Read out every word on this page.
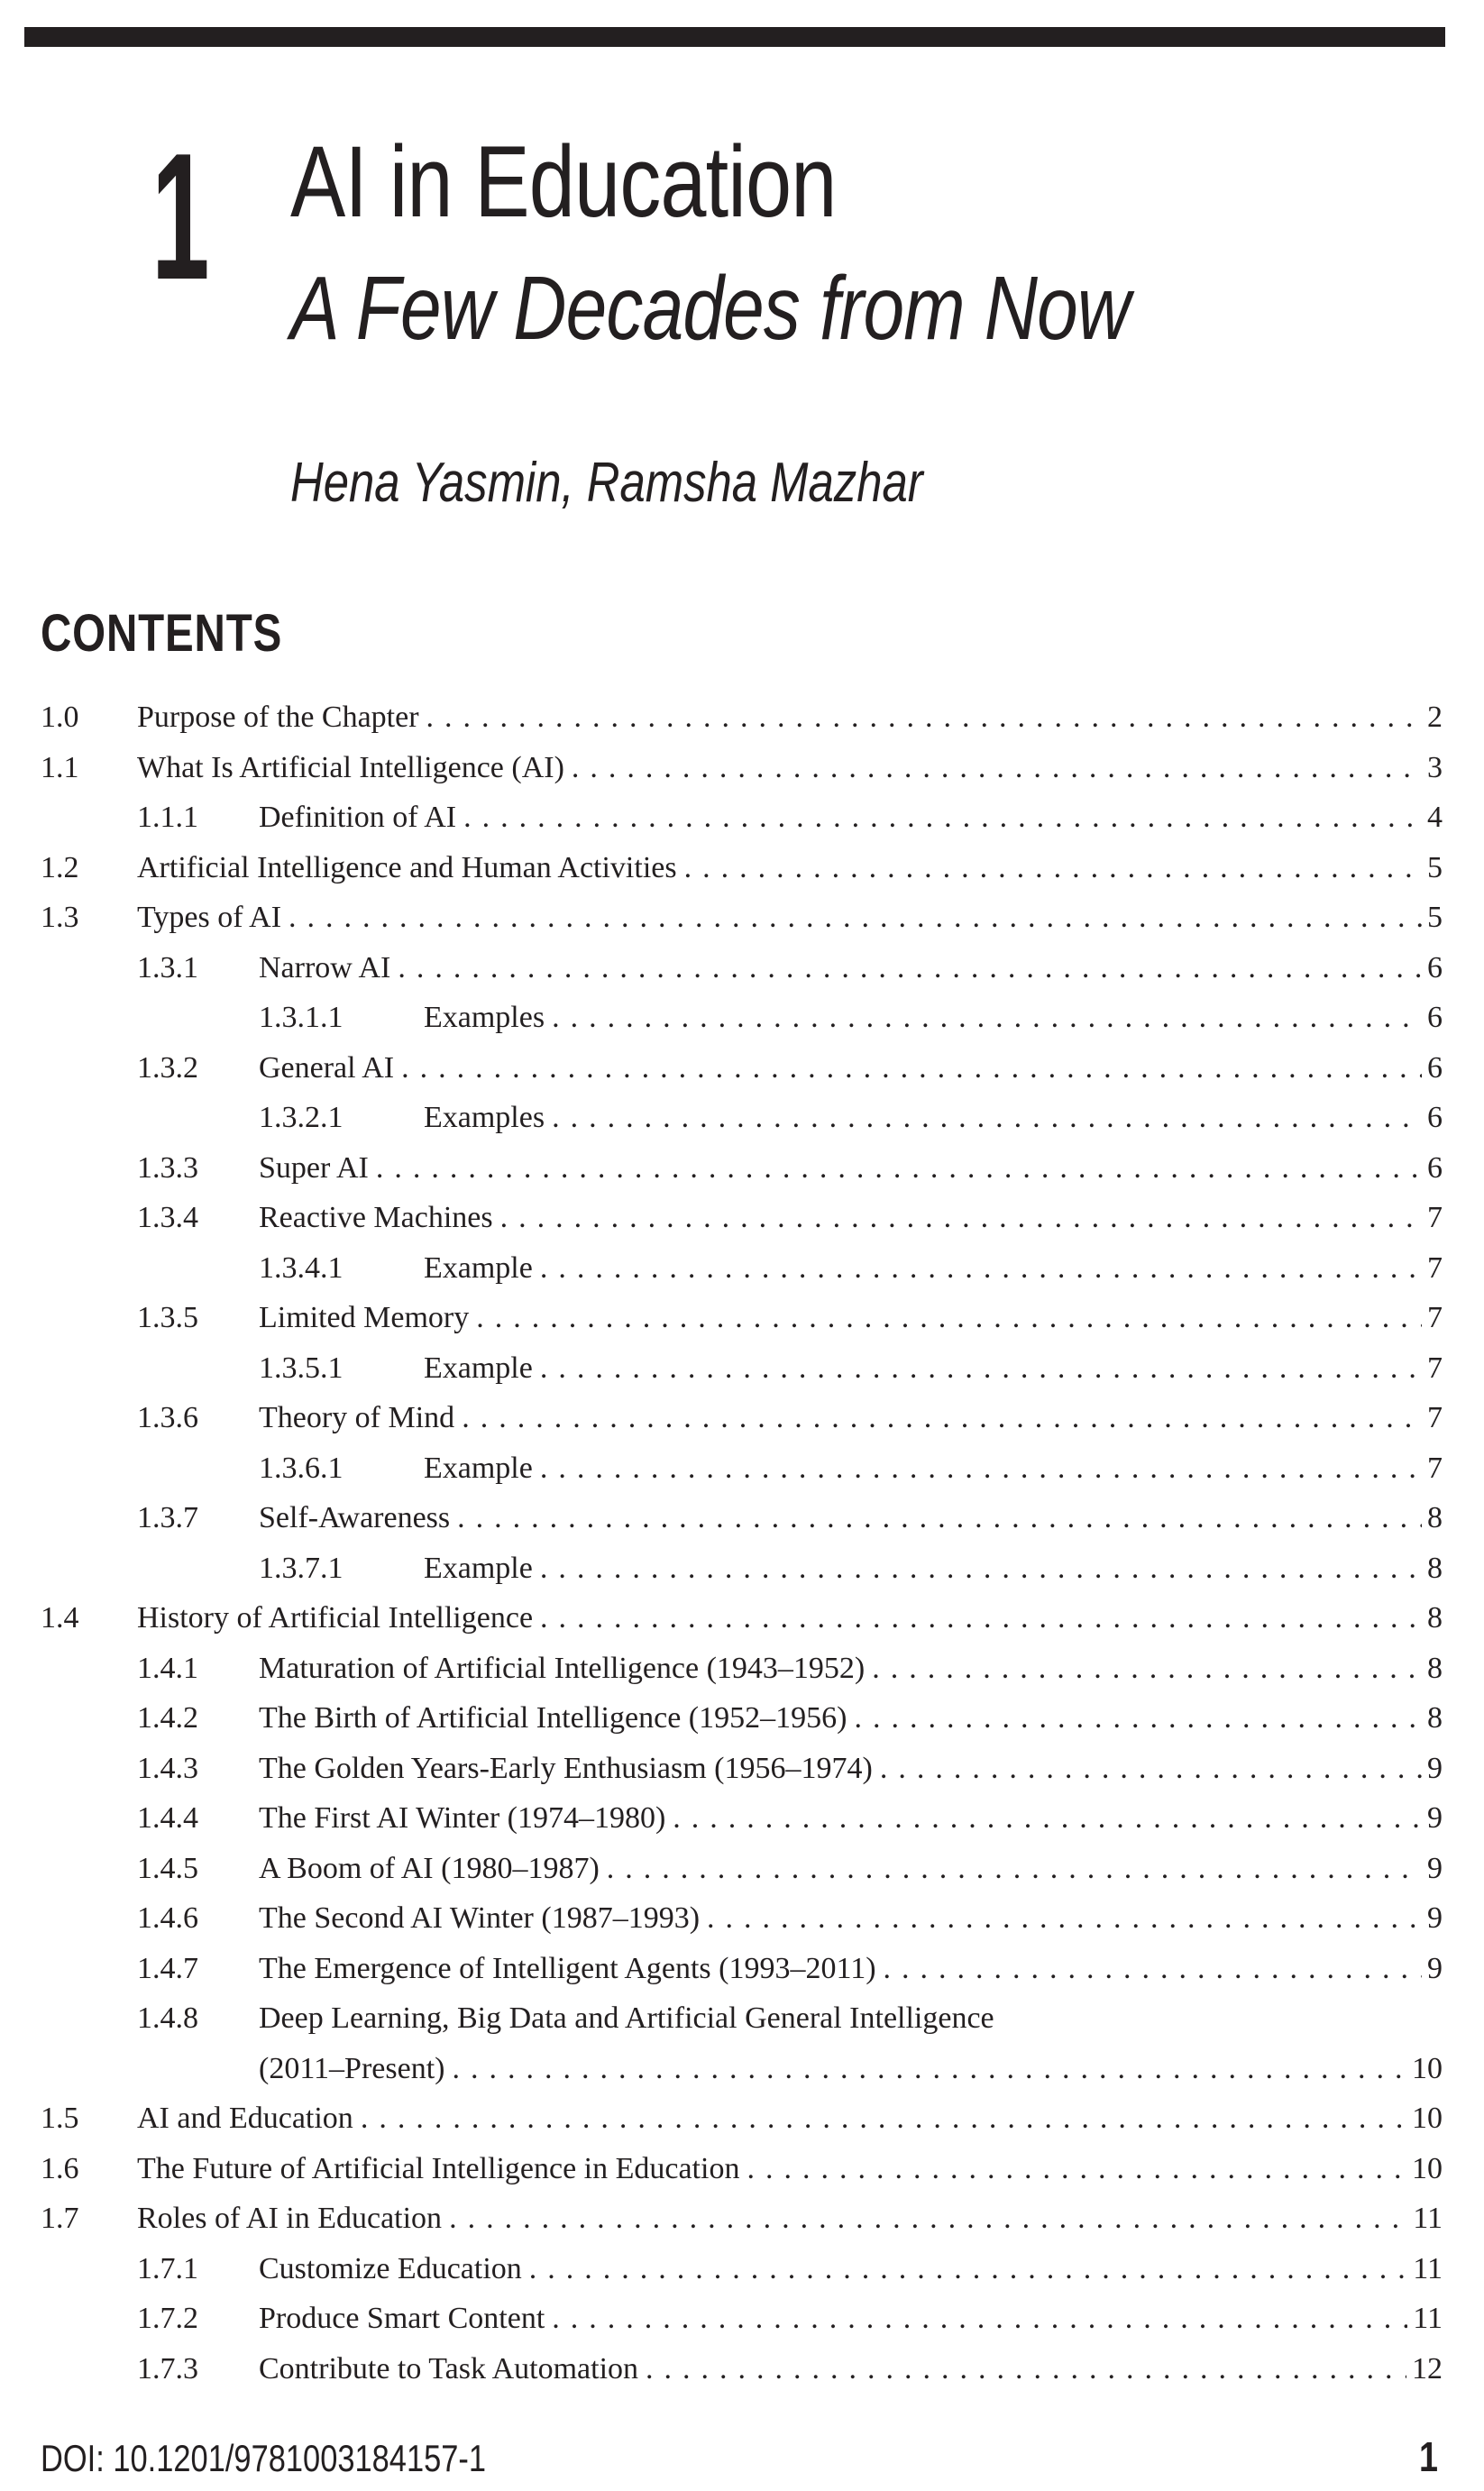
1 AI in Education
A Few Decades from Now

Hena Yasmin, Ramsha Mazhar

CONTENTS
1.0	Purpose of the Chapter .....	2
1.1	What Is Artificial Intelligence (AI) .....	3
1.1.1	Definition of AI .....	4
1.2	Artificial Intelligence and Human Activities .....	5
1.3	Types of AI .....	5
1.3.1	Narrow AI .....	6
1.3.1.1	Examples .....	6
1.3.2	General AI .....	6
1.3.2.1	Examples .....	6
1.3.3	Super AI .....	6
1.3.4	Reactive Machines .....	7
1.3.4.1	Example .....	7
1.3.5	Limited Memory .....	7
1.3.5.1	Example .....	7
1.3.6	Theory of Mind .....	7
1.3.6.1	Example .....	7
1.3.7	Self-Awareness .....	8
1.3.7.1	Example .....	8
1.4	History of Artificial Intelligence .....	8
1.4.1	Maturation of Artificial Intelligence (1943–1952) .....	8
1.4.2	The Birth of Artificial Intelligence (1952–1956) .....	8
1.4.3	The Golden Years-Early Enthusiasm (1956–1974) .....	9
1.4.4	The First AI Winter (1974–1980) .....	9
1.4.5	A Boom of AI (1980–1987) .....	9
1.4.6	The Second AI Winter (1987–1993) .....	9
1.4.7	The Emergence of Intelligent Agents (1993–2011) .....	9
1.4.8	Deep Learning, Big Data and Artificial General Intelligence
(2011–Present) .....	10
1.5	AI and Education .....	10
1.6	The Future of Artificial Intelligence in Education .....	10
1.7	Roles of AI in Education .....	11
1.7.1	Customize Education .....	11
1.7.2	Produce Smart Content .....	11
1.7.3	Contribute to Task Automation .....	12
DOI: 10.1201/9781003184157-1	1
